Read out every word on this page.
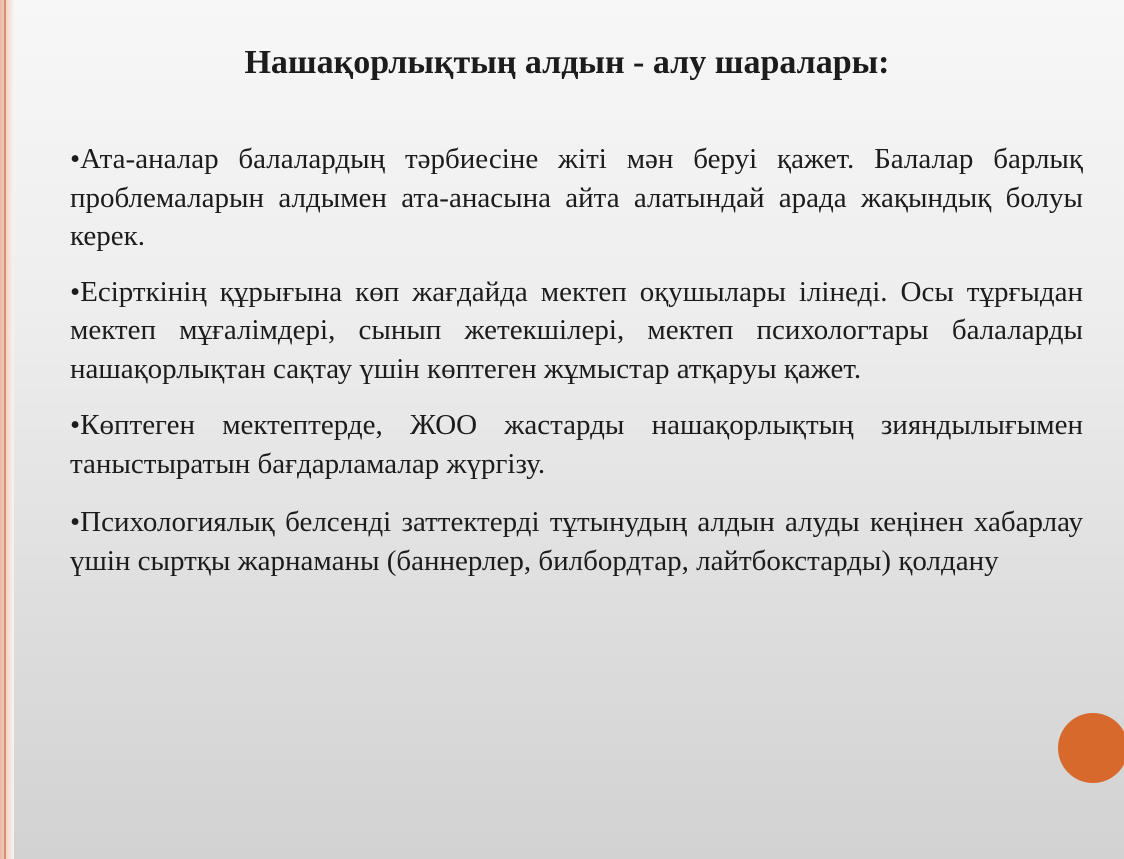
Нашақорлықтың алдын - алу шаралары:

•Ата-аналар балалардың тəрбиесіне жіті мəн беруі қажет. Балалар барлық проблемаларын алдымен ата-анасына айта алатындай арада жақындық болуы керек.

•Есірткінің құрығына көп жағдайда мектеп оқушылары ілінеді. Осы тұрғыдан мектеп мұғалімдері, сынып жетекшілері, мектеп психологтары балаларды нашақорлықтан сақтау үшін көптеген жұмыстар атқаруы қажет.

•Көптеген мектептерде, ЖОО жастарды нашақорлықтың зияндылығымен таныстыратын бағдарламалар жүргізу.

•Психологиялық белсенді заттектерді тұтынудың алдын алуды кеңінен хабарлау үшін сыртқы жарнаманы (баннерлер, билбордтар, лайтбокстарды) қолдану
